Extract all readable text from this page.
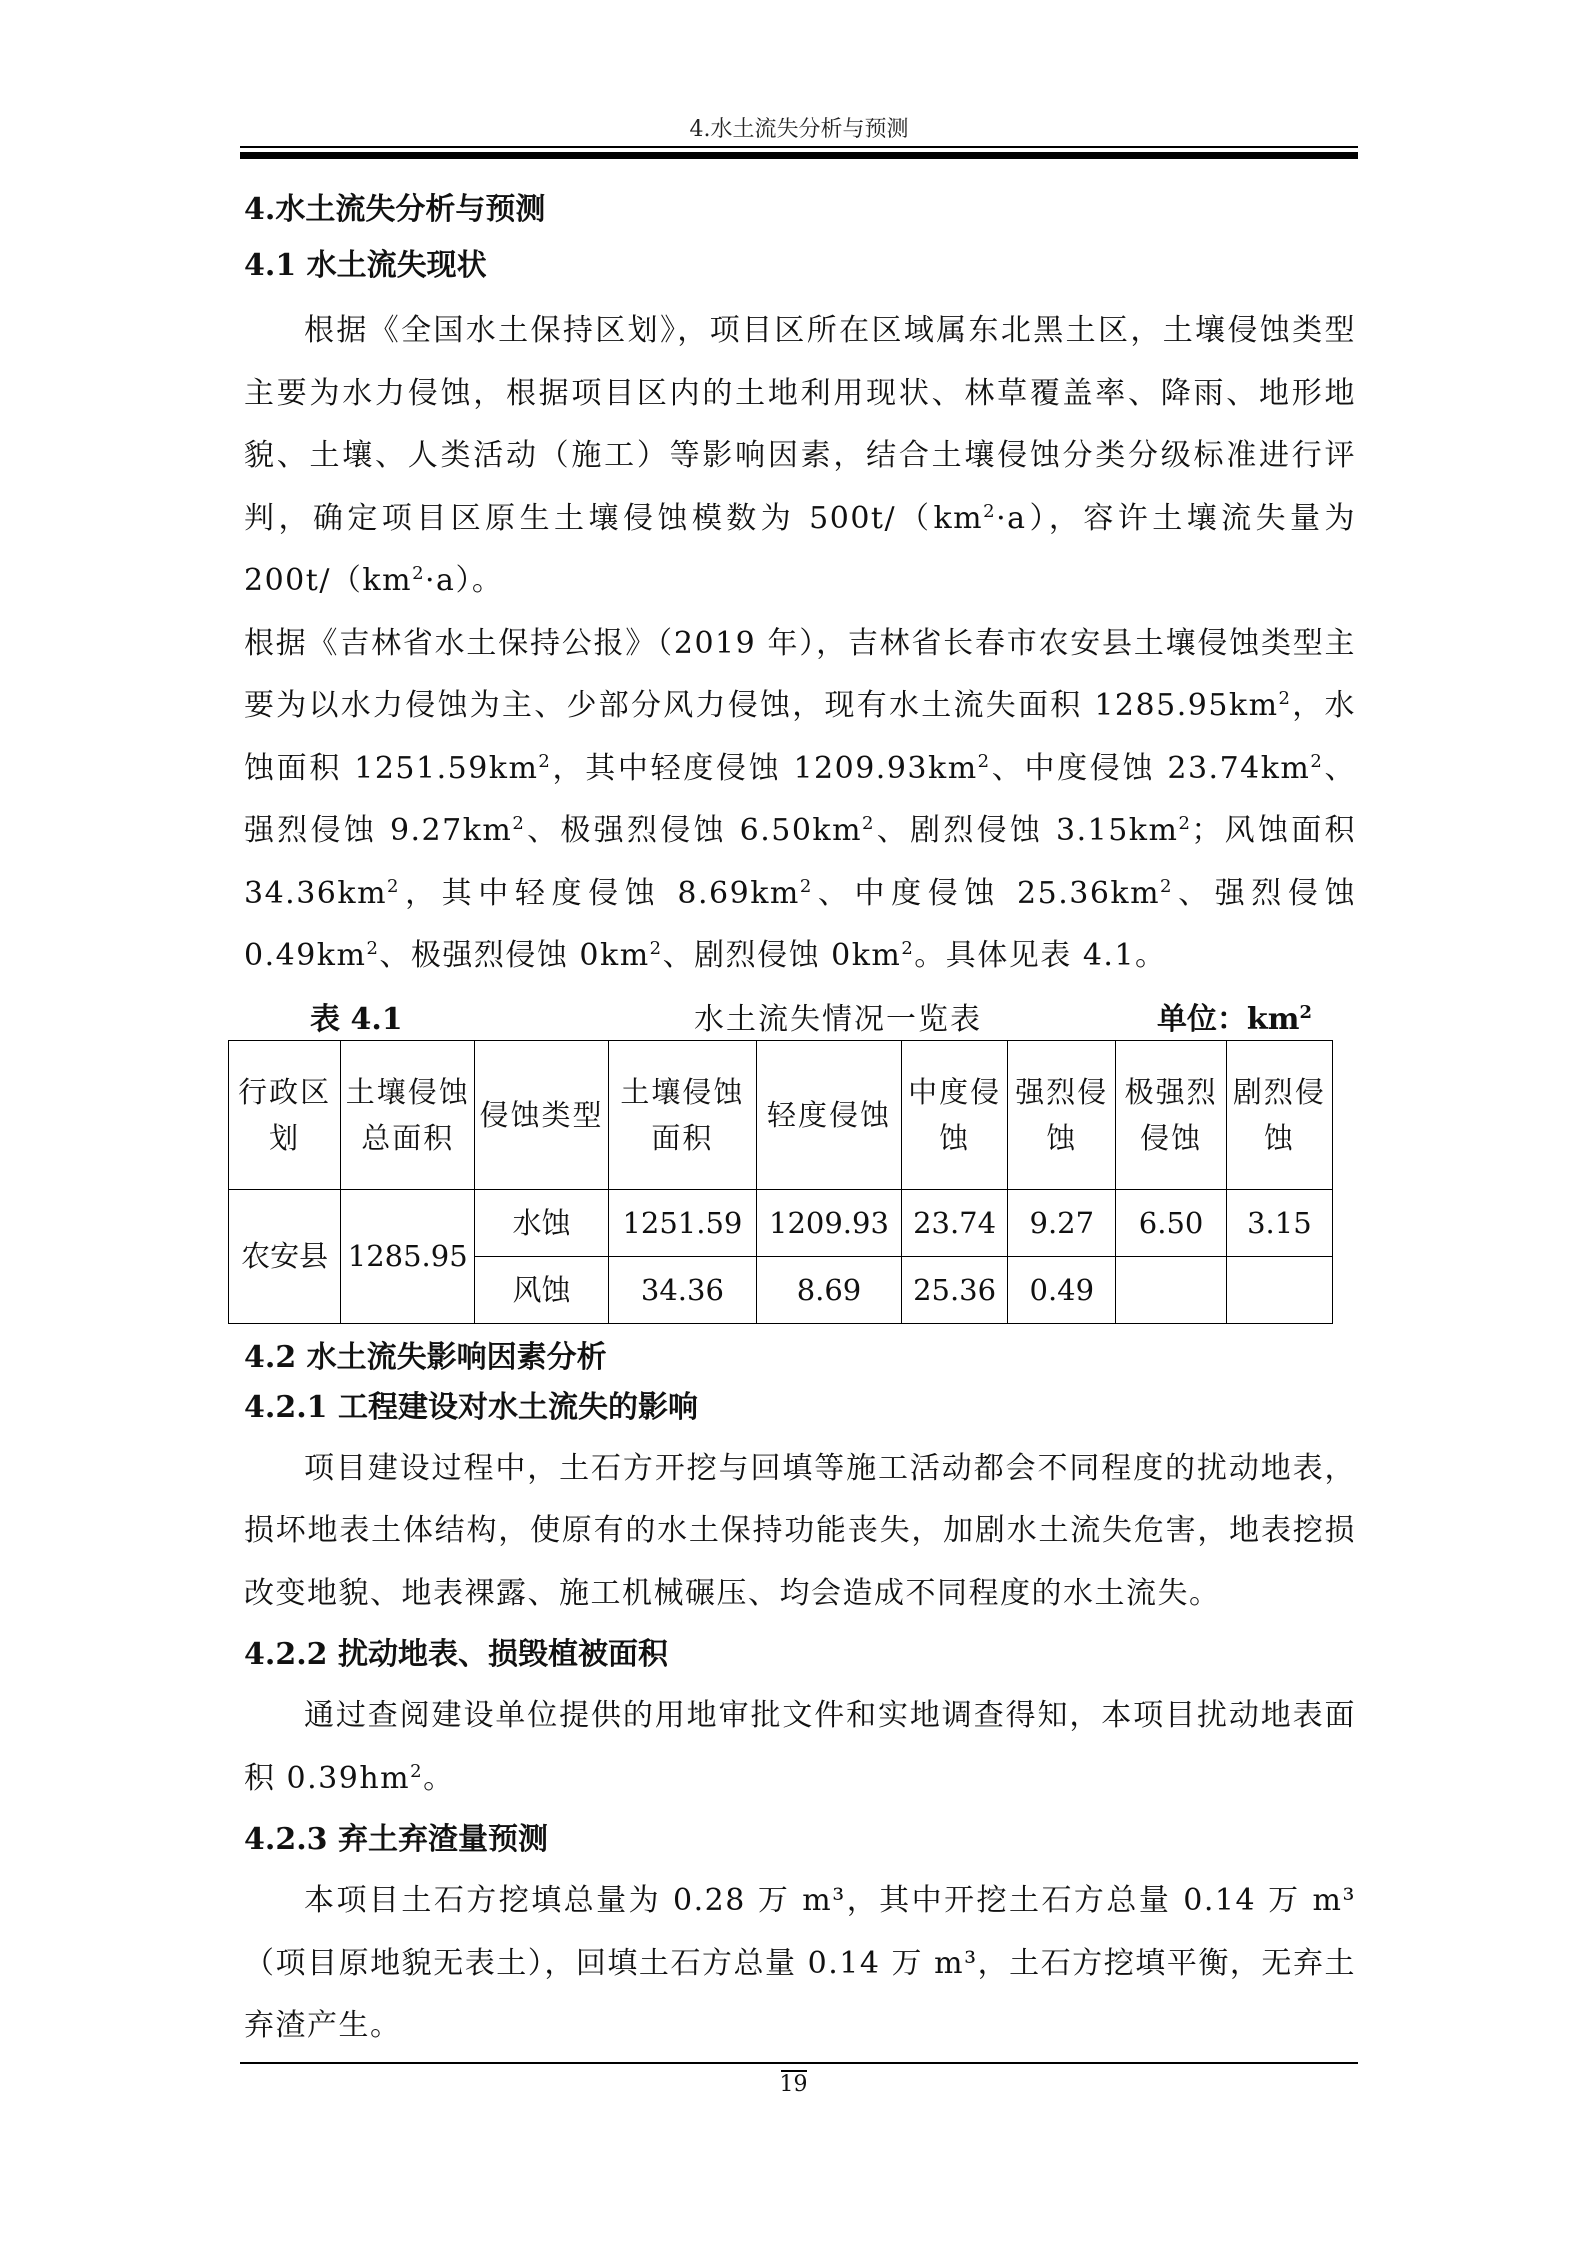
4.水土流失分析与预测
4.水土流失分析与预测
4.1 水土流失现状

根据《全国水土保持区划》，项目区所在区域属东北黑土区，土壤侵蚀类型主要为水力侵蚀，根据项目区内的土地利用现状、林草覆盖率、降雨、地形地貌、土壤、人类活动（施工）等影响因素，结合土壤侵蚀分类分级标准进行评判，确定项目区原生土壤侵蚀模数为 $500t/(km^2\cdot a)$，容许土壤流失量为 $200t/(km^2\cdot a)$。

根据《吉林省水土保持公报》（2019 年），吉林省长春市农安县土壤侵蚀类型主要为以水力侵蚀为主、少部分风力侵蚀，现有水土流失面积 $1285.95km^2$，水蚀面积 $1251.59km^2$，其中轻度侵蚀 $1209.93km^2$、中度侵蚀 $23.74km^2$、强烈侵蚀 $9.27km^2$、极强烈侵蚀 $6.50km^2$、剧烈侵蚀 $3.15km^2$；风蚀面积 $34.36km^2$，其中轻度侵蚀 $8.69km^2$、中度侵蚀 $25.36km^2$、强烈侵蚀 $0.49km^2$、极强烈侵蚀 $0km^2$、剧烈侵蚀 $0km^2$。具体见表 4.1。

表 4.1	水土流失情况一览表	单位：$km^2$
行政区划	土壤侵蚀总面积	侵蚀类型	土壤侵蚀面积	轻度侵蚀	中度侵蚀	强烈侵蚀	极强烈侵蚀	剧烈侵蚀
农安县	1285.95	水蚀	1251.59	1209.93	23.74	9.27	6.50	3.15
		风蚀	34.36	8.69	25.36	0.49		
4.2 水土流失影响因素分析
4.2.1 工程建设对水土流失的影响

项目建设过程中，土石方开挖与回填等施工活动都会不同程度的扰动地表，损坏地表土体结构，使原有的水土保持功能丧失，加剧水土流失危害，地表挖损改变地貌、地表裸露、施工机械碾压、均会造成不同程度的水土流失。

4.2.2 扰动地表、损毁植被面积

通过查阅建设单位提供的用地审批文件和实地调查得知，本项目扰动地表面积 $0.39hm^2$。

4.2.3 弃土弃渣量预测

本项目土石方挖填总量为 0.28 万 m³，其中开挖土石方总量 0.14 万 m³（项目原地貌无表土），回填土石方总量 0.14 万 m³，土石方挖填平衡，无弃土弃渣产生。

19
